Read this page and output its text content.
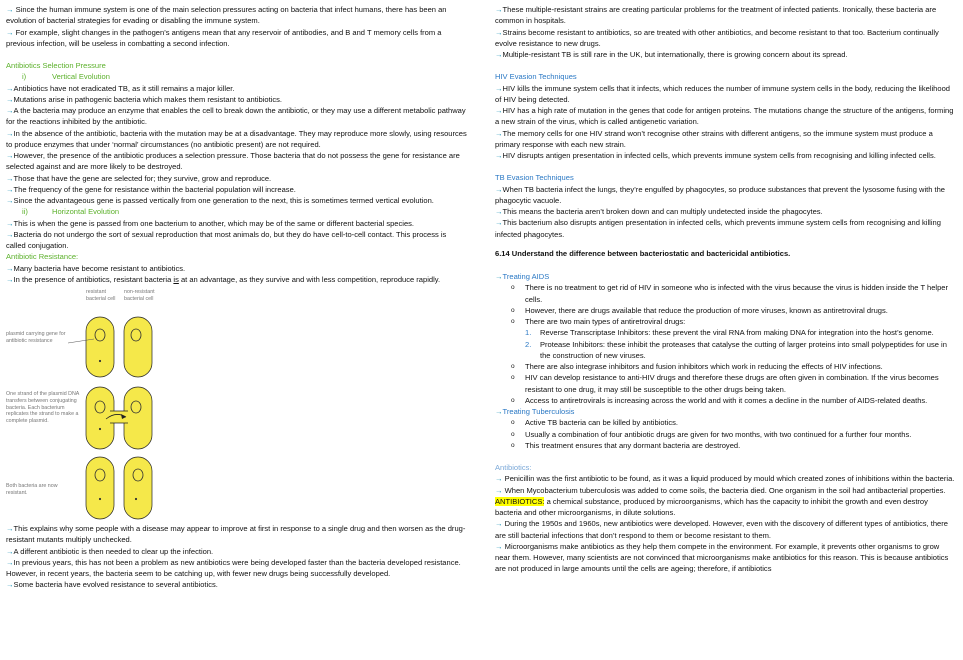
→ Since the human immune system is one of the main selection pressures acting on bacteria that infect humans, there has been an evolution of bacterial strategies for evading or disabling the immune system.

→ For example, slight changes in the pathogen’s antigens mean that any reservoir of antibodies, and B and T memory cells from a previous infection, will be useless in combatting a second infection.

Antibiotics Selection Pressure

i)	Vertical Evolution

→Antibiotics have not eradicated TB, as it still remains a major killer.

→Mutations arise in pathogenic bacteria which makes them resistant to antibiotics.

→A the bacteria may produce an enzyme that enables the cell to break down the antibiotic, or they may use a different metabolic pathway for the reactions inhibited by the antibiotic.

→In the absence of the antibiotic, bacteria with the mutation may be at a disadvantage. They may reproduce more slowly, using resources to produce enzymes that under ‘normal’ circumstances (no antibiotic present) are not required.

→However, the presence of the antibiotic produces a selection pressure. Those bacteria that do not possess the gene for resistance are selected against and are more likely to be destroyed.

→Those that have the gene are selected for; they survive, grow and reproduce.

→The frequency of the gene for resistance within the bacterial population will increase.

→Since the advantageous gene is passed vertically from one generation to the next, this is sometimes termed vertical evolution.

ii)	Horizontal Evolution

→This is when the gene is passed from one bacterium to another, which may be of the same or different bacterial species.

→Bacteria do not undergo the sort of sexual reproduction that most animals do, but they do have cell-to-cell contact. This process is called conjugation.

Antibiotic Resistance:

→Many bacteria have become resistant to antibiotics.

→In the presence of antibiotics, resistant bacteria is at an advantage, as they survive and with less competition, reproduce rapidly.

resistant bacterial cell
non-resistant bacterial cell
plasmid carrying gene for antibiotic resistance
One strand of the plasmid DNA transfers between conjugating bacteria. Each bacterium replicates the strand to make a complete plasmid.
Both bacteria are now resistant.

→This explains why some people with a disease may appear to improve at first in response to a single drug and then worsen as the drug-resistant mutants multiply unchecked.

→A different antibiotic is then needed to clear up the infection.

→In previous years, this has not been a problem as new antibiotics were being developed faster than the bacteria developed resistance. However, in recent years, the bacteria seem to be catching up, with fewer new drugs being successfully developed.

→Some bacteria have evolved resistance to several antibiotics.

→These multiple-resistant strains are creating particular problems for the treatment of infected patients. Ironically, these bacteria are common in hospitals.

→Strains become resistant to antibiotics, so are treated with other antibiotics, and become resistant to that too. Bacterium continually evolve resistance to new drugs.

→Multiple-resistant TB is still rare in the UK, but internationally, there is growing concern about its spread.

HIV Evasion Techniques

→HIV kills the immune system cells that it infects, which reduces the number of immune system cells in the body, reducing the likelihood of HIV being detected.

→HIV has a high rate of mutation in the genes that code for antigen proteins. The mutations change the structure of the antigens, forming a new strain of the virus, which is called antigenetic variation.

→The memory cells for one HIV strand won’t recognise other strains with different antigens, so the immune system must produce a primary response with each new strain.

→HIV disrupts antigen presentation in infected cells, which prevents immune system cells from recognising and killing infected cells.

TB Evasion Techniques

→When TB bacteria infect the lungs, they’re engulfed by phagocytes, so produce substances that prevent the lysosome fusing with the phagocytic vacuole.

→This means the bacteria aren’t broken down and can multiply undetected inside the phagocytes.

→This bacterium also disrupts antigen presentation in infected cells, which prevents immune system cells from recognising and killing infected phagocytes.

6.14 Understand the difference between bacteriostatic and bactericidal antibiotics.

→Treating AIDS

o There is no treatment to get rid of HIV in someone who is infected with the virus because the virus is hidden inside the T helper cells.
o However, there are drugs available that reduce the production of more viruses, known as antiretroviral drugs.
o There are two main types of antiretroviral drugs:
1. Reverse Transcriptase Inhibitors: these prevent the viral RNA from making DNA for integration into the host’s genome.
2. Protease Inhibitors: these inhibit the proteases that catalyse the cutting of larger proteins into small polypeptides for use in the construction of new viruses.
o There are also integrase inhibitors and fusion inhibitors which work in reducing the effects of HIV infections.
o HIV can develop resistance to anti-HIV drugs and therefore these drugs are often given in combination. If the virus becomes resistant to one drug, it may still be susceptible to the other drugs being taken.
o Access to antiretrovirals is increasing across the world and with it comes a decline in the number of AIDS-related deaths.

→Treating Tuberculosis

o Active TB bacteria can be killed by antibiotics.
o Usually a combination of four antibiotic drugs are given for two months, with two continued for a further four months.
o This treatment ensures that any dormant bacteria are destroyed.

Antibiotics:

→ Penicillin was the first antibiotic to be found, as it was a liquid produced by mould which created zones of inhibitions within the bacteria.

→ When Mycobacterium tuberculosis was added to come soils, the bacteria died. One organism in the soil had antibacterial properties.

ANTIBIOTICS: a chemical substance, produced by microorganisms, which has the capacity to inhibit the growth and even destroy bacteria and other microorganisms, in dilute solutions.

→ During the 1950s and 1960s, new antibiotics were developed. However, even with the discovery of different types of antibiotics, there are still bacterial infections that don’t respond to them or become resistant to them.

→ Microorganisms make antibiotics as they help them compete in the environment. For example, it prevents other organisms to grow near them. However, many scientists are not convinced that microorganisms make antibiotics for this reason. This is because antibiotics are not produced in large amounts until the cells are ageing; therefore, if antibiotics
